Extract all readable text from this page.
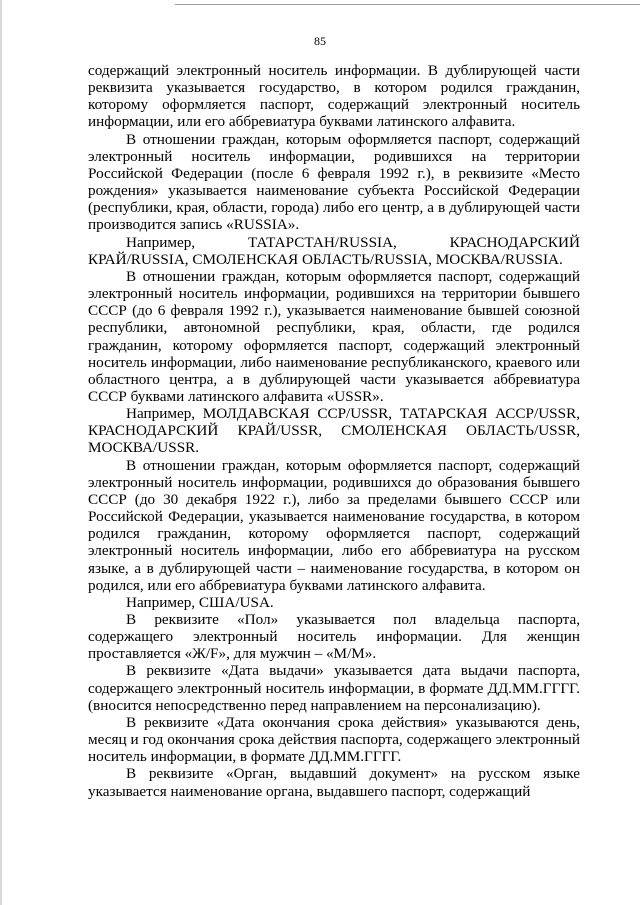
85

содержащий электронный носитель информации. В дублирующей части реквизита указывается государство, в котором родился гражданин, которому оформляется паспорт, содержащий электронный носитель информации, или его аббревиатура буквами латинского алфавита.

В отношении граждан, которым оформляется паспорт, содержащий электронный носитель информации, родившихся на территории Российской Федерации (после 6 февраля 1992 г.), в реквизите «Место рождения» указывается наименование субъекта Российской Федерации (республики, края, области, города) либо его центр, а в дублирующей части производится запись «RUSSIA».

Например, ТАТАРСТАН/RUSSIA, КРАСНОДАРСКИЙ КРАЙ/RUSSIA, СМОЛЕНСКАЯ ОБЛАСТЬ/RUSSIA, МОСКВА/RUSSIA.

В отношении граждан, которым оформляется паспорт, содержащий электронный носитель информации, родившихся на территории бывшего СССР (до 6 февраля 1992 г.), указывается наименование бывшей союзной республики, автономной республики, края, области, где родился гражданин, которому оформляется паспорт, содержащий электронный носитель информации, либо наименование республиканского, краевого или областного центра, а в дублирующей части указывается аббревиатура СССР буквами латинского алфавита «USSR».

Например, МОЛДАВСКАЯ ССР/USSR, ТАТАРСКАЯ АССР/USSR, КРАСНОДАРСКИЙ КРАЙ/USSR, СМОЛЕНСКАЯ ОБЛАСТЬ/USSR, МОСКВА/USSR.

В отношении граждан, которым оформляется паспорт, содержащий электронный носитель информации, родившихся до образования бывшего СССР (до 30 декабря 1922 г.), либо за пределами бывшего СССР или Российской Федерации, указывается наименование государства, в котором родился гражданин, которому оформляется паспорт, содержащий электронный носитель информации, либо его аббревиатура на русском языке, а в дублирующей части – наименование государства, в котором он родился, или его аббревиатура буквами латинского алфавита.

Например, США/USA.

В реквизите «Пол» указывается пол владельца паспорта, содержащего электронный носитель информации. Для женщин проставляется «Ж/F», для мужчин – «М/M».

В реквизите «Дата выдачи» указывается дата выдачи паспорта, содержащего электронный носитель информации, в формате ДД.ММ.ГГГГ. (вносится непосредственно перед направлением на персонализацию).

В реквизите «Дата окончания срока действия» указываются день, месяц и год окончания срока действия паспорта, содержащего электронный носитель информации, в формате ДД.ММ.ГГГГ.

В реквизите «Орган, выдавший документ» на русском языке указывается наименование органа, выдавшего паспорт, содержащий
